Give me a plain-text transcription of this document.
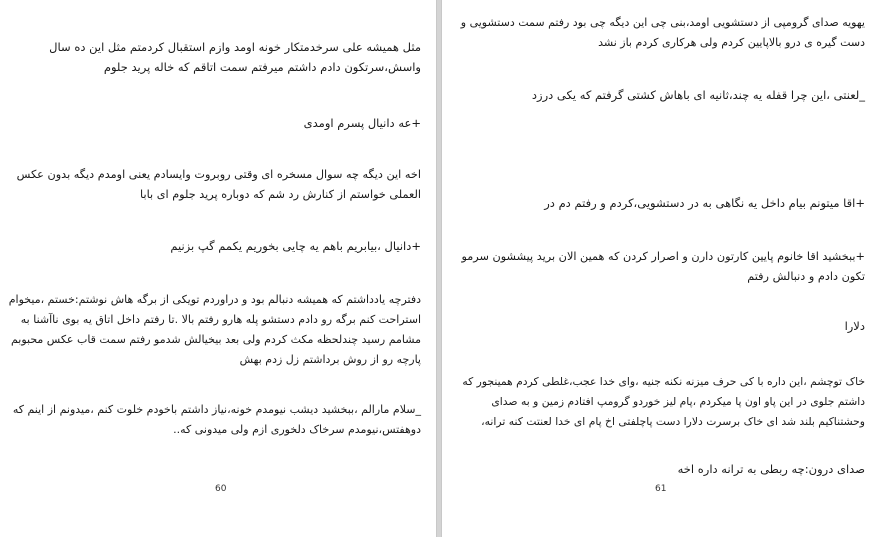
مثل همیشه علی سرخدمتکار خونه اومد وازم استقبال کردمتم مثل این ده سال
واسش،سرتکون دادم داشتم میرفتم سمت اتاقم که خاله پرید جلوم
+عه دانیال پسرم اومدی
اخه این دیگه چه سوال مسخره ای وقتی روبروت وایسادم یعنی اومدم دیگه بدون عکس
العملی خواستم از کنارش رد شم که دوباره پرید جلوم ای بابا
+دانیال ،بیابریم باهم یه چایی بخوریم یکمم گپ بزنیم
دفترچه یادداشتم که همیشه دنبالم بود و دراوردم تویکی از برگه هاش نوشتم:خستم ،میخوام
استراحت کنم برگه رو دادم دستشو پله هارو رفتم بالا .تا رفتم داخل اتاق یه بوی ناآشنا به
مشامم رسید چندلحظه مکث کردم ولی بعد بیخیالش شدمو رفتم سمت قاب عکس محبوبم
پارچه رو از روش برداشتم زل زدم بهش
_سلام مارالم ،ببخشید دیشب نیومدم خونه،نیاز داشتم باخودم خلوت کنم ،میدونم از اینم که
دوهفتس،نیومدم سرخاک دلخوری ازم ولی میدونی که..
60
یهویه صدای گرومپی از دستشویی اومد،بنی چی این دیگه چی بود رفتم سمت دستشویی و
دست گیره ی درو بالاپایین کردم ولی هرکاری کردم باز نشد
_لعنتی ،این چرا قفله یه چند،ثانیه ای باهاش کشتی گرفتم که یکی درزد
+اقا میتونم بیام داخل یه نگاهی به در دستشویی،کردم و رفتم دم در
+ببخشید اقا خانوم پایین کارتون دارن و اصرار کردن که همین الان برید پیششون سرمو
تکون دادم و دنبالش رفتم
دلارا
خاک توچشم ،این داره با کی حرف میزنه نکنه جنیه ،وای خدا عجب،غلطی کردم همینجور که
داشتم جلوی در این پاو اون پا میکردم ،پام لیز خوردو گرومپ افتادم زمین و به صدای
وحشتناکیم بلند شد ای خاک برسرت دلارا دست پاچلفتی اخ پام ای خدا لعنتت کنه ترانه،
صدای درون:چه ربطی به ترانه داره اخه
61
